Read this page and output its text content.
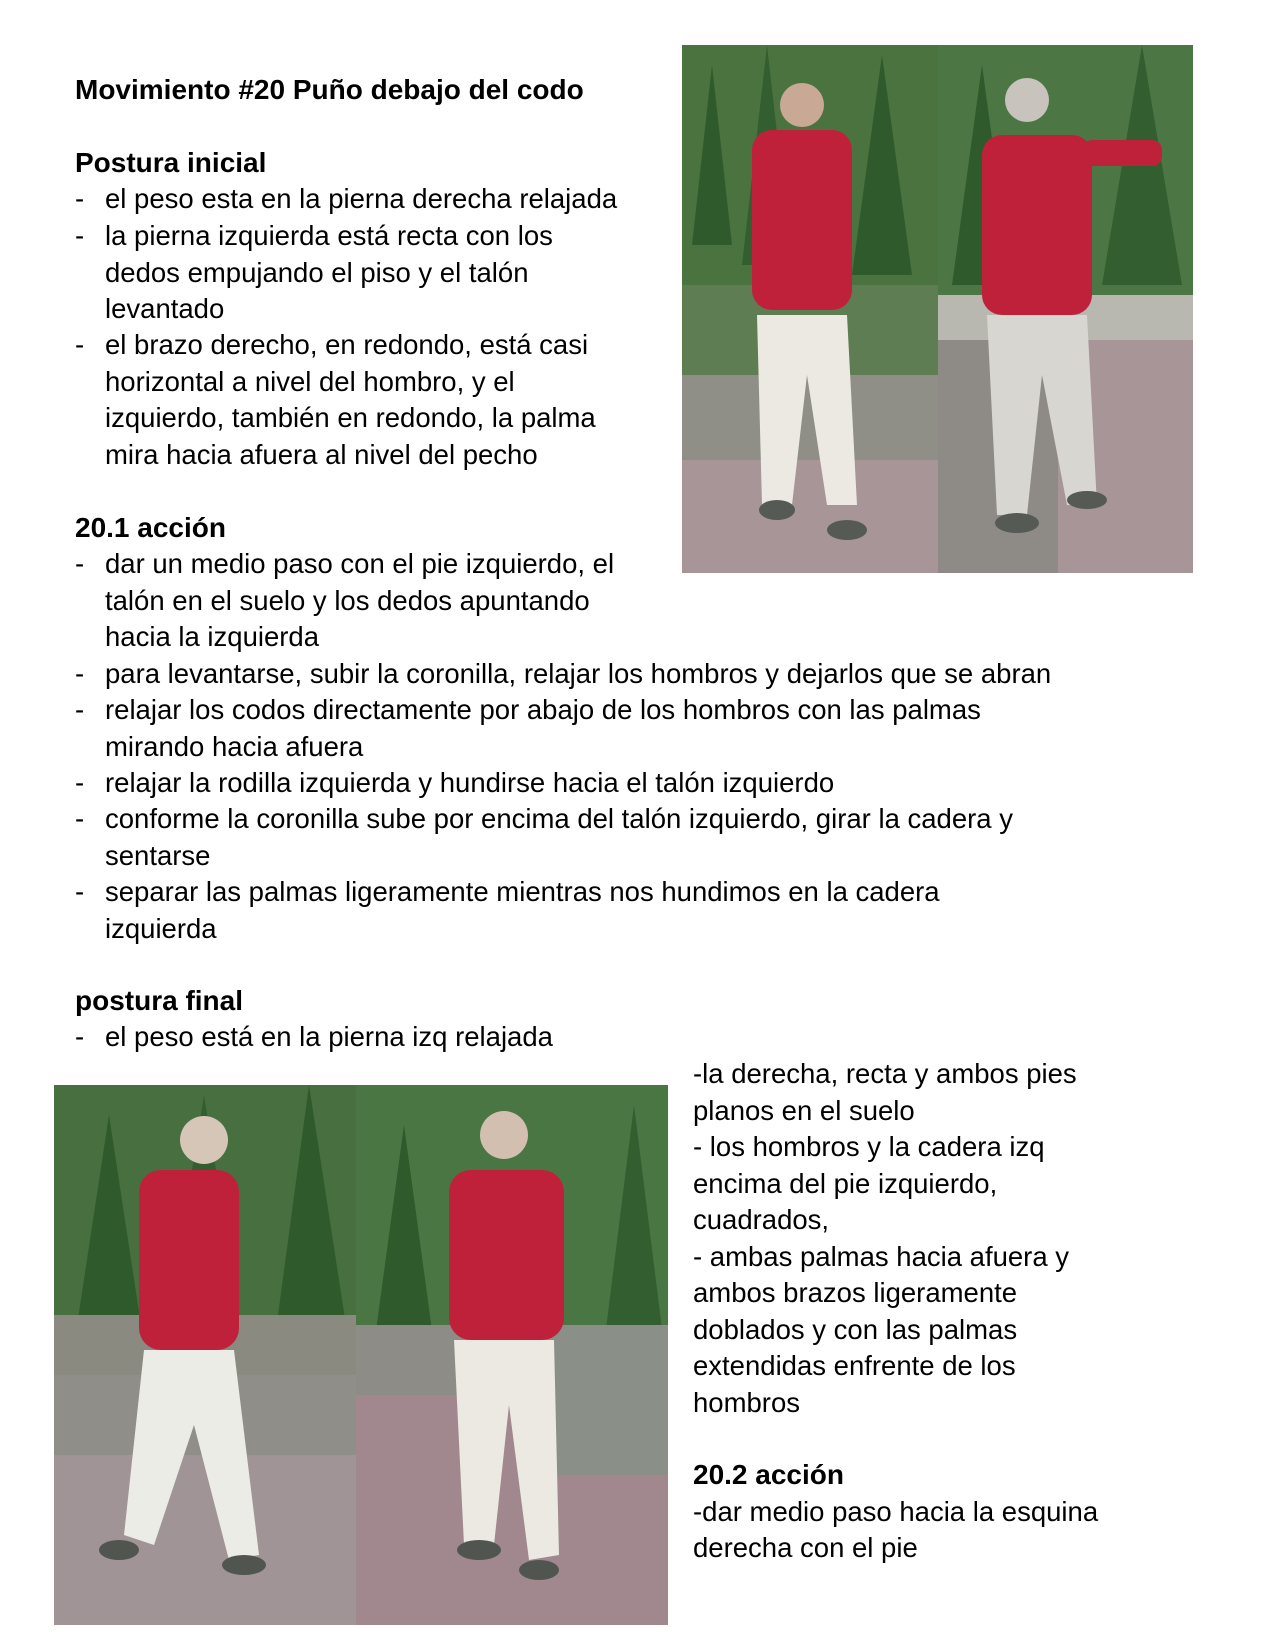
Movimiento #20 Puño debajo del codo
Postura inicial
- el peso esta en la pierna derecha relajada
- la pierna izquierda está recta con los dedos empujando el piso y el talón levantado
- el brazo derecho, en redondo, está casi horizontal a nivel del hombro, y el izquierdo, también en redondo, la palma mira hacia afuera al nivel del pecho
20.1 acción
- dar un medio paso con el pie izquierdo, el talón en el suelo y los dedos apuntando hacia la izquierda
- para levantarse, subir la coronilla, relajar los hombros y dejarlos que se abran
- relajar los codos directamente por abajo de los hombros con las palmas mirando hacia afuera
- relajar la rodilla izquierda y hundirse hacia el talón izquierdo
- conforme la coronilla sube por encima del talón izquierdo, girar la cadera y sentarse
- separar las palmas ligeramente mientras nos hundimos en la cadera izquierda
postura final
- el peso está en la pierna izq relajada

-la derecha, recta y ambos pies planos en el suelo

- los hombros y la cadera izq encima del pie izquierdo, cuadrados,

- ambas palmas hacia afuera y ambos brazos ligeramente doblados y con las palmas extendidas enfrente de los hombros

20.2 acción

-dar medio paso hacia la esquina derecha con el pie
